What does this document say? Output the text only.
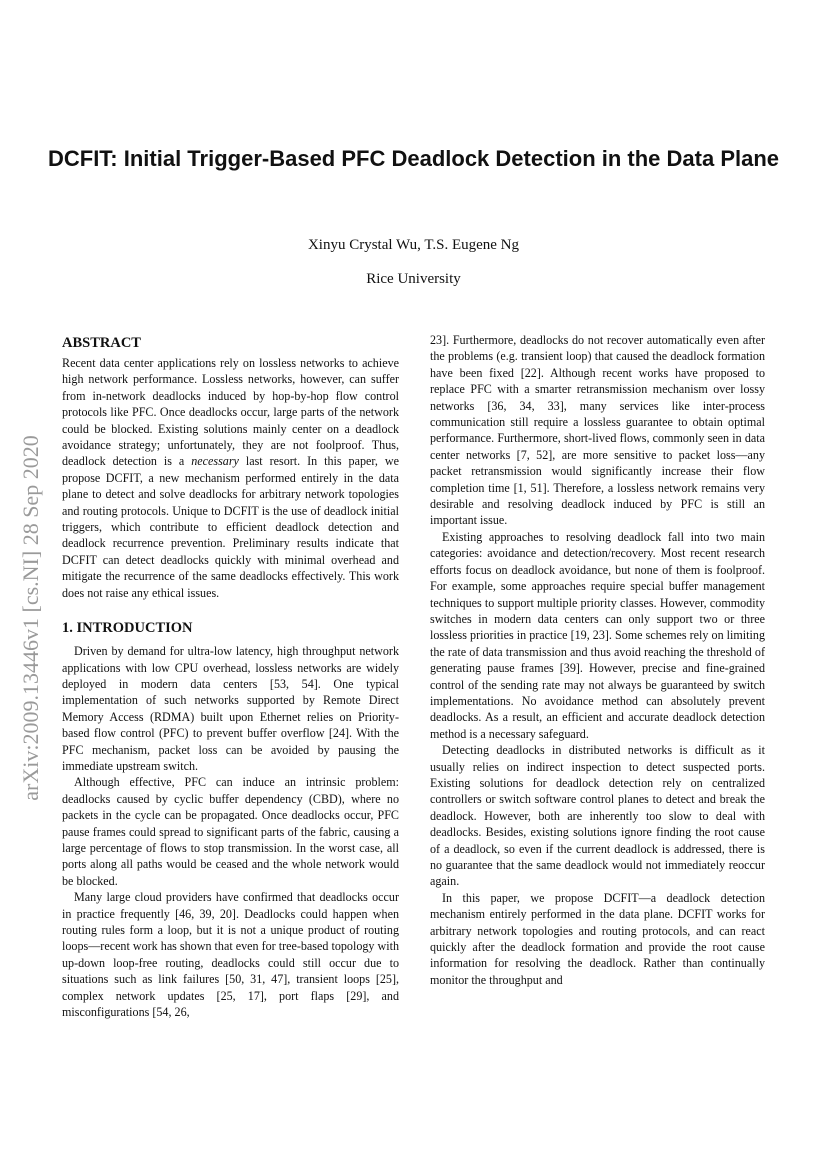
DCFIT: Initial Trigger-Based PFC Deadlock Detection in the Data Plane
Xinyu Crystal Wu, T.S. Eugene Ng
Rice University
arXiv:2009.13446v1 [cs.NI] 28 Sep 2020
ABSTRACT

Recent data center applications rely on lossless networks to achieve high network performance. Lossless networks, however, can suffer from in-network deadlocks induced by hop-by-hop flow control protocols like PFC. Once deadlocks occur, large parts of the network could be blocked. Existing solutions mainly center on a deadlock avoidance strategy; unfortunately, they are not foolproof. Thus, deadlock detection is a necessary last resort. In this paper, we propose DCFIT, a new mechanism performed entirely in the data plane to detect and solve deadlocks for arbitrary network topologies and routing protocols. Unique to DCFIT is the use of deadlock initial triggers, which contribute to efficient deadlock detection and deadlock recurrence prevention. Preliminary results indicate that DCFIT can detect deadlocks quickly with minimal overhead and mitigate the recurrence of the same deadlocks effectively. This work does not raise any ethical issues.

1. INTRODUCTION

Driven by demand for ultra-low latency, high throughput network applications with low CPU overhead, lossless networks are widely deployed in modern data centers [53, 54]. One typical implementation of such networks supported by Remote Direct Memory Access (RDMA) built upon Ethernet relies on Priority-based flow control (PFC) to prevent buffer overflow [24]. With the PFC mechanism, packet loss can be avoided by pausing the immediate upstream switch.

Although effective, PFC can induce an intrinsic problem: deadlocks caused by cyclic buffer dependency (CBD), where no packets in the cycle can be propagated. Once deadlocks occur, PFC pause frames could spread to significant parts of the fabric, causing a large percentage of flows to stop transmission. In the worst case, all ports along all paths would be ceased and the whole network would be blocked.

Many large cloud providers have confirmed that deadlocks occur in practice frequently [46, 39, 20]. Deadlocks could happen when routing rules form a loop, but it is not a unique product of routing loops—recent work has shown that even for tree-based topology with up-down loop-free routing, deadlocks could still occur due to situations such as link failures [50, 31, 47], transient loops [25], complex network updates [25, 17], port flaps [29], and misconfigurations [54, 26,

23]. Furthermore, deadlocks do not recover automatically even after the problems (e.g. transient loop) that caused the deadlock formation have been fixed [22]. Although recent works have proposed to replace PFC with a smarter retransmission mechanism over lossy networks [36, 34, 33], many services like inter-process communication still require a lossless guarantee to obtain optimal performance. Furthermore, short-lived flows, commonly seen in data center networks [7, 52], are more sensitive to packet loss—any packet retransmission would significantly increase their flow completion time [1, 51]. Therefore, a lossless network remains very desirable and resolving deadlock induced by PFC is still an important issue.

Existing approaches to resolving deadlock fall into two main categories: avoidance and detection/recovery. Most recent research efforts focus on deadlock avoidance, but none of them is foolproof. For example, some approaches require special buffer management techniques to support multiple priority classes. However, commodity switches in modern data centers can only support two or three lossless priorities in practice [19, 23]. Some schemes rely on limiting the rate of data transmission and thus avoid reaching the threshold of generating pause frames [39]. However, precise and fine-grained control of the sending rate may not always be guaranteed by switch implementations. No avoidance method can absolutely prevent deadlocks. As a result, an efficient and accurate deadlock detection method is a necessary safeguard.

Detecting deadlocks in distributed networks is difficult as it usually relies on indirect inspection to detect suspected ports. Existing solutions for deadlock detection rely on centralized controllers or switch software control planes to detect and break the deadlock. However, both are inherently too slow to deal with deadlocks. Besides, existing solutions ignore finding the root cause of a deadlock, so even if the current deadlock is addressed, there is no guarantee that the same deadlock would not immediately reoccur again.

In this paper, we propose DCFIT—a deadlock detection mechanism entirely performed in the data plane. DCFIT works for arbitrary network topologies and routing protocols, and can react quickly after the deadlock formation and provide the root cause information for resolving the deadlock. Rather than continually monitor the throughput and
